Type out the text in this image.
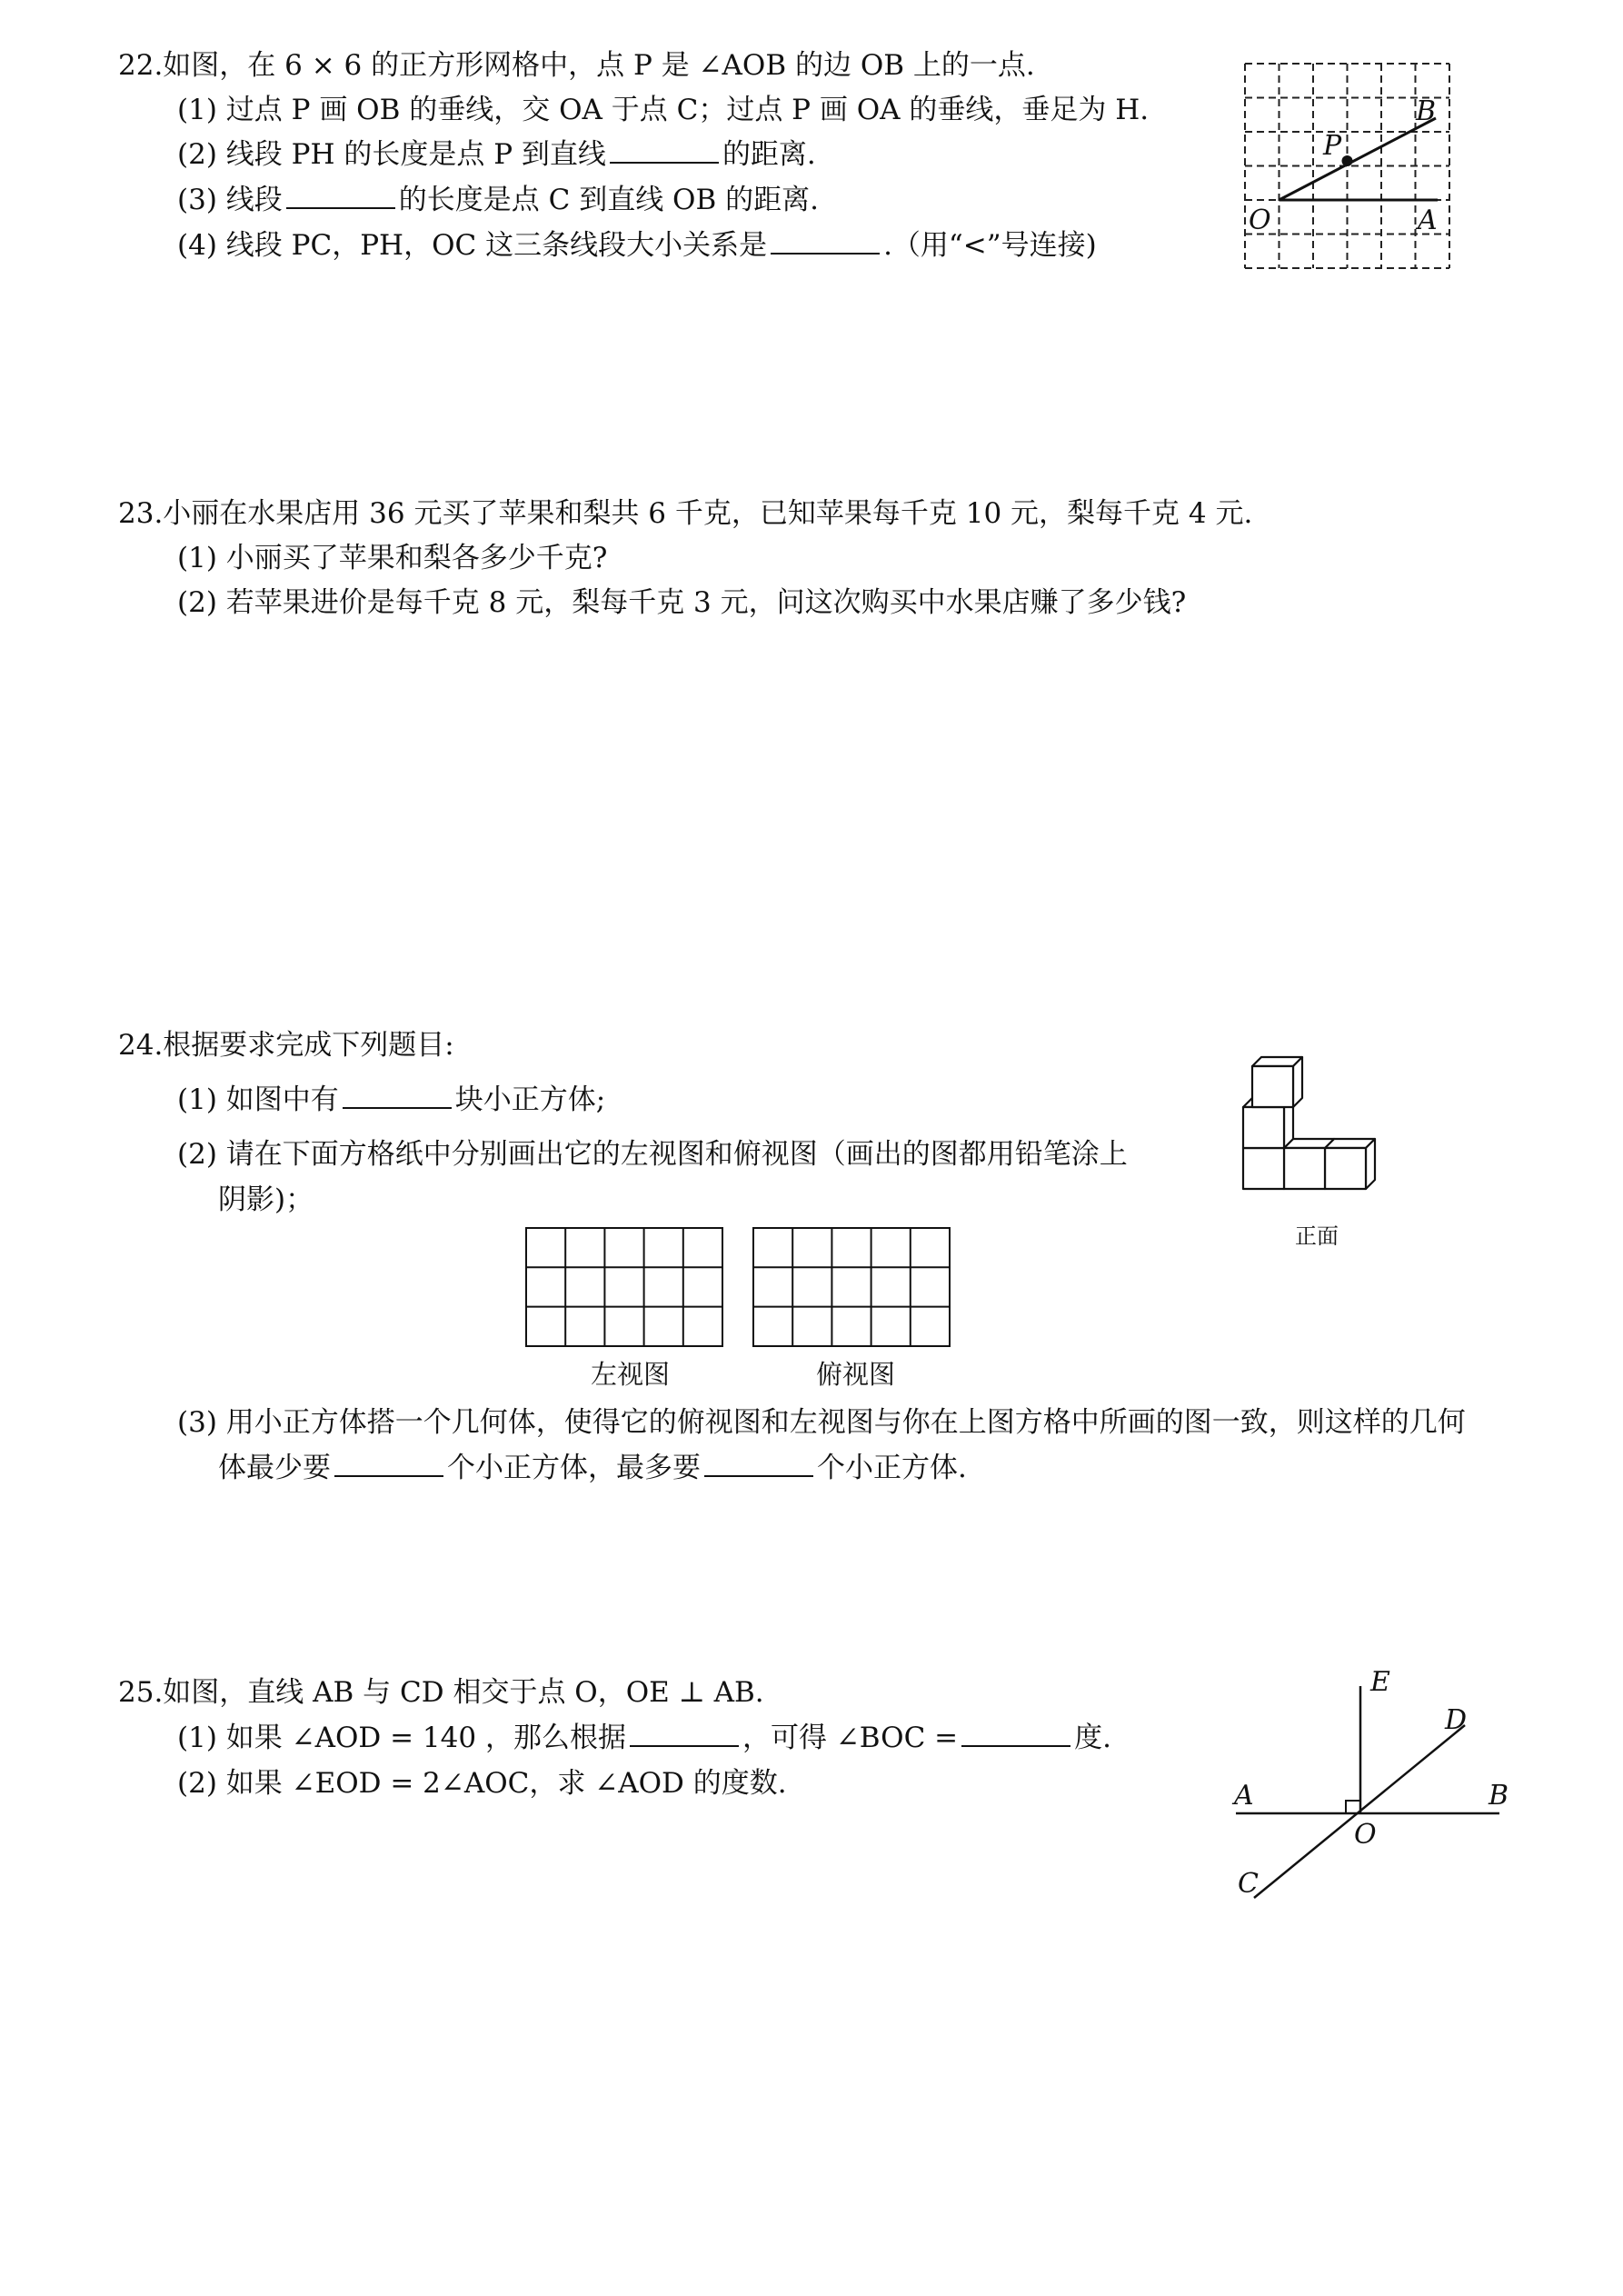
22.如图，在 6 × 6 的正方形网格中，点 P 是 ∠AOB 的边 OB 上的一点.
(1) 过点 P 画 OB 的垂线，交 OA 于点 C；过点 P 画 OA 的垂线，垂足为 H.
(2) 线段 PH 的长度是点 P 到直线	的距离.
(3) 线段	的长度是点 C 到直线 OB 的距离.
(4) 线段 PC，PH，OC 这三条线段大小关系是	.（用“<”号连接)
O	A
B
P
23.小丽在水果店用 36 元买了苹果和梨共 6 千克，已知苹果每千克 10 元，梨每千克 4 元.
(1) 小丽买了苹果和梨各多少千克?
(2) 若苹果进价是每千克 8 元，梨每千克 3 元，问这次购买中水果店赚了多少钱?
24.根据要求完成下列题目:
(1) 如图中有	块小正方体;
(2) 请在下面方格纸中分别画出它的左视图和俯视图（画出的图都用铅笔涂上
阴影)；
正面
左视图	俯视图
(3) 用小正方体搭一个几何体，使得它的俯视图和左视图与你在上图方格中所画的图一致，则这样的几何
体最少要	个小正方体，最多要	个小正方体.
25.如图，直线 AB 与 CD 相交于点 O，OE ⊥ AB.
(1) 如果 ∠AOD = 140 ，那么根据	，可得 ∠BOC =	度.
(2) 如果 ∠EOD = 2∠AOC，求 ∠AOD 的度数.
E
D
A	B
O
C
